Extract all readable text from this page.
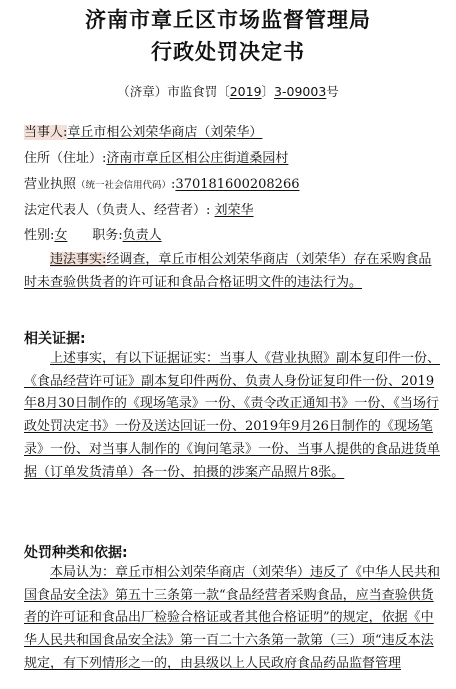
济南市章丘区市场监督管理局
行政处罚决定书
（济章）市监食罚〔2019〕3-09003号
当事人:章丘市相公刘荣华商店（刘荣华）
住所（住址）:济南市章丘区相公庄街道桑园村
营业执照（统一社会信用代码）:370181600208266
法定代表人（负责人、经营者）: 刘荣华
性别:女 职务:负责人
违法事实:经调查，章丘市相公刘荣华商店（刘荣华）存在采购食品时未查验供货者的许可证和食品合格证明文件的违法行为。
相关证据:
上述事实，有以下证据证实：当事人《营业执照》副本复印件一份、《食品经营许可证》副本复印件两份、负责人身份证复印件一份、2019年8月30日制作的《现场笔录》一份、《责令改正通知书》一份、《当场行政处罚决定书》一份及送达回证一份、2019年9月26日制作的《现场笔录》一份、对当事人制作的《询问笔录》一份、当事人提供的食品进货单据（订单发货清单）各一份、拍摄的涉案产品照片8张。
处罚种类和依据:
本局认为：章丘市相公刘荣华商店（刘荣华）违反了《中华人民共和国食品安全法》第五十三条第一款“食品经营者采购食品，应当查验供货者的许可证和食品出厂检验合格证或者其他合格证明”的规定，依据《中华人民共和国食品安全法》第一百二十六条第一款第（三）项“违反本法规定，有下列情形之一的，由县级以上人民政府食品药品监督管理
